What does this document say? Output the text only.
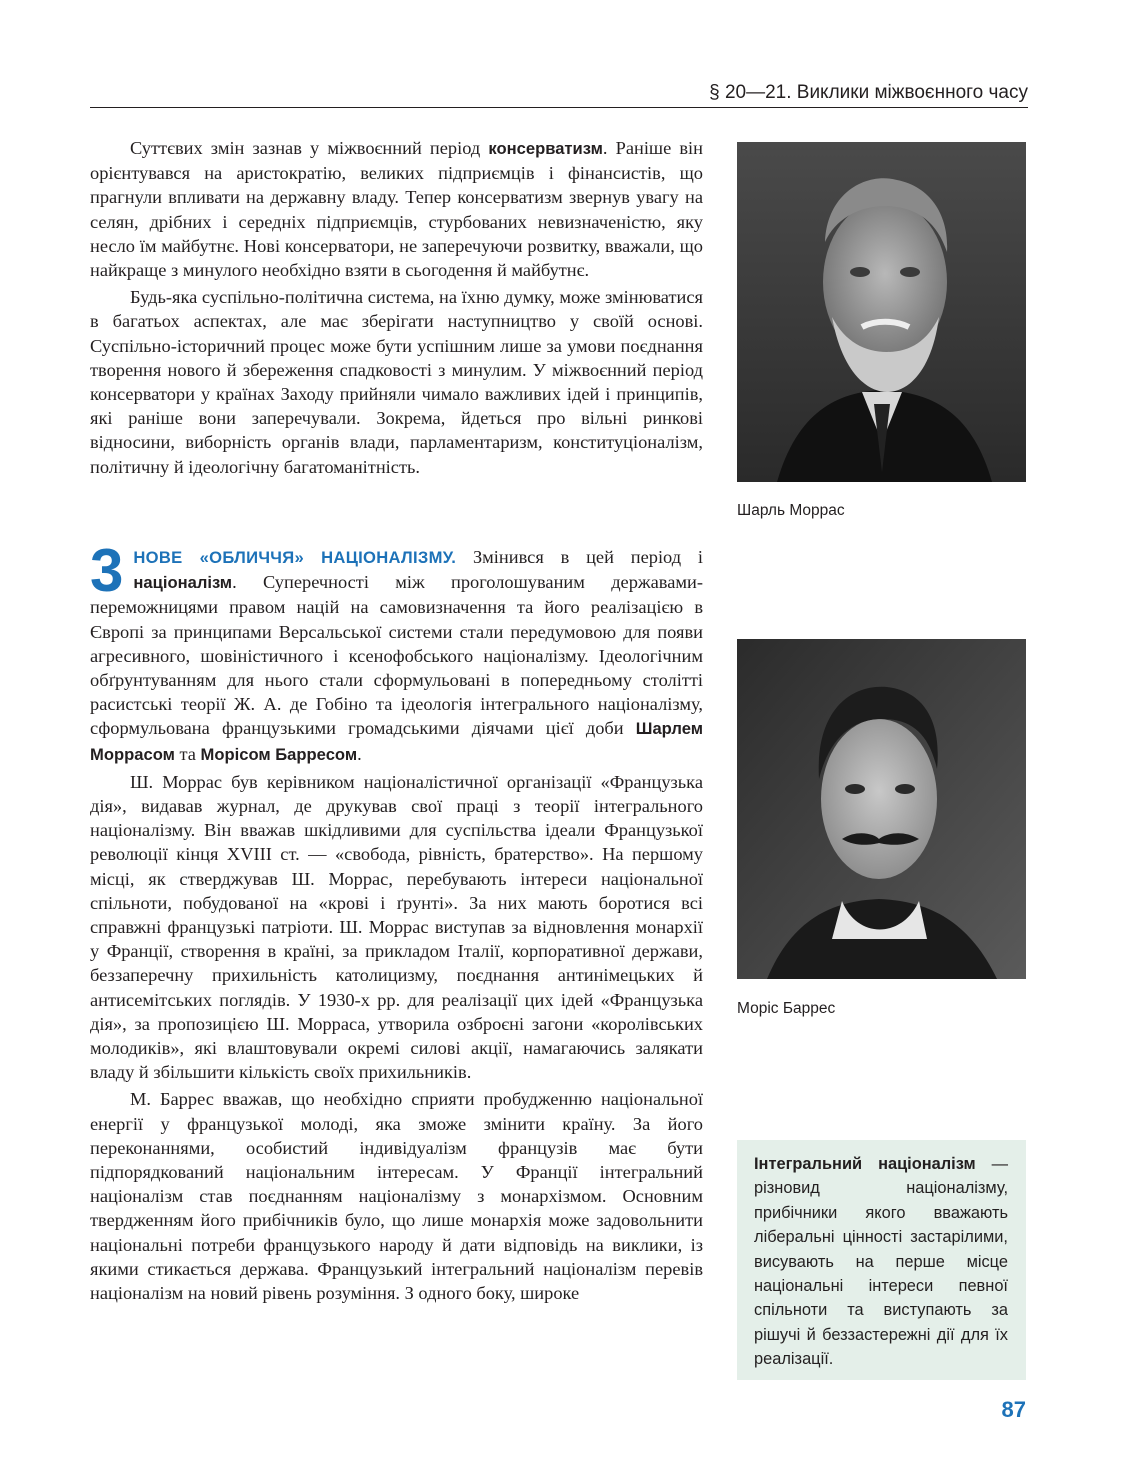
§ 20—21. Виклики міжвоєнного часу

Суттєвих змін зазнав у міжвоєнний період консерватизм. Раніше він орієнтувався на аристократію, великих підприємців і фінансистів, що прагнули впливати на державну владу. Тепер консерватизм звернув увагу на селян, дрібних і середніх підприємців, стурбованих невизначеністю, яку несло їм майбутнє. Нові консерватори, не заперечуючи розвитку, вважали, що найкраще з минулого необхідно взяти в сьогодення й майбутнє.

Будь-яка суспільно-політична система, на їхню думку, може змінюватися в багатьох аспектах, але має зберігати наступництво у своїй основі. Суспільно-історичний процес може бути успішним лише за умови поєднання творення нового й збереження спадковості з минулим. У міжвоєнний період консерватори у країнах Заходу прийняли чимало важливих ідей і принципів, які раніше вони заперечували. Зокрема, йдеться про вільні ринкові відносини, виборність органів влади, парламентаризм, конституціоналізм, політичну й ідеологічну багатоманітність.

3 НОВЕ «ОБЛИЧЧЯ» НАЦІОНАЛІЗМУ. Змінився в цей період і націоналізм. Суперечності між проголошуваним державами-переможницями правом націй на самовизначення та його реалізацією в Європі за принципами Версальської системи стали передумовою для появи агресивного, шовіністичного і ксенофобського націоналізму. Ідеологічним обґрунтуванням для нього стали сформульовані в попередньому столітті расистські теорії Ж. А. де Гобіно та ідеологія інтегрального націоналізму, сформульована французькими громадськими діячами цієї доби Шарлем Моррасом та Морісом Барресом.

Ш. Моррас був керівником націоналістичної організації «Французька дія», видавав журнал, де друкував свої праці з теорії інтегрального націоналізму. Він вважав шкідливими для суспільства ідеали Французької революції кінця XVIII ст. — «свобода, рівність, братерство». На першому місці, як стверджував Ш. Моррас, перебувають інтереси національної спільноти, побудованої на «крові і ґрунті». За них мають боротися всі справжні французькі патріоти. Ш. Моррас виступав за відновлення монархії у Франції, створення в країні, за прикладом Італії, корпоративної держави, беззаперечну прихильність католицизму, поєднання антинімецьких й антисемітських поглядів. У 1930-х рр. для реалізації цих ідей «Французька дія», за пропозицією Ш. Морраса, утворила озброєні загони «королівських молодиків», які влаштовували окремі силові акції, намагаючись залякати владу й збільшити кількість своїх прихильників.

М. Баррес вважав, що необхідно сприяти пробудженню національної енергії у французької молоді, яка зможе змінити країну. За його переконаннями, особистий індивідуалізм французів має бути підпорядкований національним інтересам. У Франції інтегральний націоналізм став поєднанням націоналізму з монархізмом. Основним твердженням його прибічників було, що лише монархія може задовольнити національні потреби французького народу й дати відповідь на виклики, із якими стикається держава. Французький інтегральний націоналізм перевів націоналізм на новий рівень розуміння. З одного боку, широке

Шарль Моррас
Моріс Баррес
Інтегральний націоналізм — різновид націоналізму, прибічники якого вважають ліберальні цінності застарілими, висувають на перше місце національні інтереси певної спільноти та виступають за рішучі й беззастережні дії для їх реалізації.
87
